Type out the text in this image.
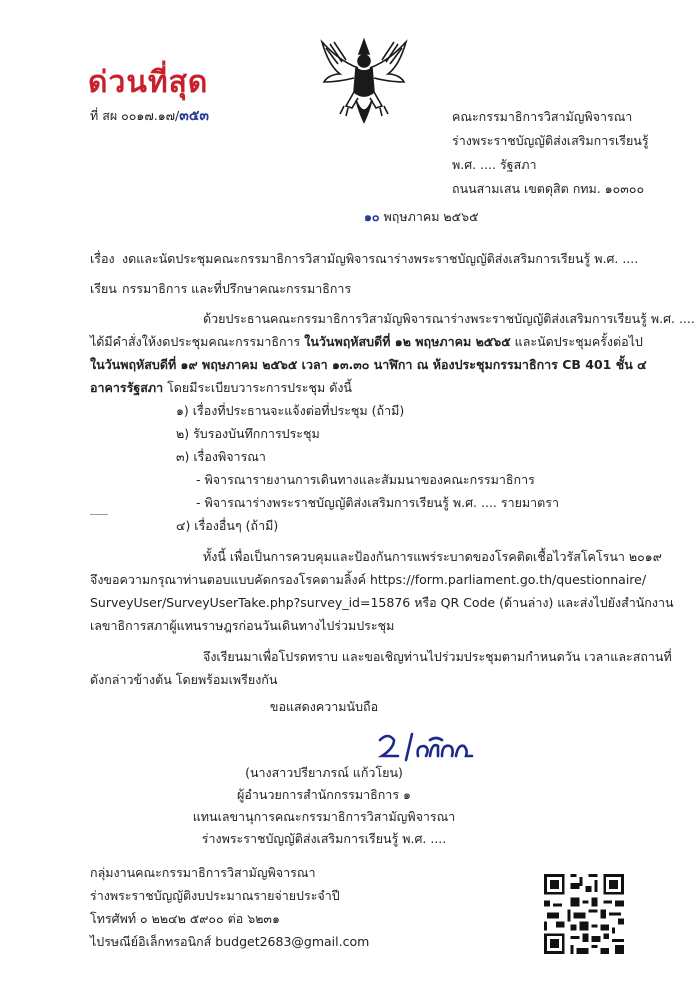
ด่วนที่สุด
ที่ สผ ๐๐๑๗.๑๗/๓๕๓	คณะกรรมาธิการวิสามัญพิจารณา
ร่างพระราชบัญญัติส่งเสริมการเรียนรู้
พ.ศ. .... รัฐสภา
ถนนสามเสน เขตดุสิต กทม. ๑๐๓๐๐
๑๐ พฤษภาคม ๒๕๖๕
เรื่อง งดและนัดประชุมคณะกรรมาธิการวิสามัญพิจารณาร่างพระราชบัญญัติส่งเสริมการเรียนรู้ พ.ศ. ....
เรียน กรรมาธิการ และที่ปรึกษาคณะกรรมาธิการ
ด้วยประธานคณะกรรมาธิการวิสามัญพิจารณาร่างพระราชบัญญัติส่งเสริมการเรียนรู้ พ.ศ. ....
ได้มีคำสั่งให้งดประชุมคณะกรรมาธิการ ในวันพฤหัสบดีที่ ๑๒ พฤษภาคม ๒๕๖๕ และนัดประชุมครั้งต่อไป
ในวันพฤหัสบดีที่ ๑๙ พฤษภาคม ๒๕๖๕ เวลา ๑๓.๓๐ นาฬิกา ณ ห้องประชุมกรรมาธิการ CB 401 ชั้น ๔
อาคารรัฐสภา โดยมีระเบียบวาระการประชุม ดังนี้
๑) เรื่องที่ประธานจะแจ้งต่อที่ประชุม (ถ้ามี)
๒) รับรองบันทึกการประชุม
๓) เรื่องพิจารณา
- พิจารณารายงานการเดินทางและสัมมนาของคณะกรรมาธิการ
- พิจารณาร่างพระราชบัญญัติส่งเสริมการเรียนรู้ พ.ศ. .... รายมาตรา
๔) เรื่องอื่นๆ (ถ้ามี)
ทั้งนี้ เพื่อเป็นการควบคุมและป้องกันการแพร่ระบาดของโรคติดเชื้อไวรัสโคโรนา ๒๐๑๙
จึงขอความกรุณาท่านตอบแบบคัดกรองโรคตามลิ้งค์ https://form.parliament.go.th/questionnaire/
SurveyUser/SurveyUserTake.php?survey_id=15876 หรือ QR Code (ด้านล่าง) และส่งไปยังสำนักงาน
เลขาธิการสภาผู้แทนราษฎรก่อนวันเดินทางไปร่วมประชุม
จึงเรียนมาเพื่อโปรดทราบ และขอเชิญท่านไปร่วมประชุมตามกำหนดวัน เวลาและสถานที่
ดังกล่าวข้างต้น โดยพร้อมเพรียงกัน
ขอแสดงความนับถือ
(นางสาวปรียาภรณ์ แก้วโยน)
ผู้อำนวยการสำนักกรรมาธิการ ๑
แทนเลขานุการคณะกรรมาธิการวิสามัญพิจารณา
ร่างพระราชบัญญัติส่งเสริมการเรียนรู้ พ.ศ. ....
กลุ่มงานคณะกรรมาธิการวิสามัญพิจารณา
ร่างพระราชบัญญัติงบประมาณรายจ่ายประจำปี
โทรศัพท์ ๐ ๒๒๔๒ ๕๙๐๐ ต่อ ๖๒๓๑
ไปรษณีย์อิเล็กทรอนิกส์ budget2683@gmail.com
